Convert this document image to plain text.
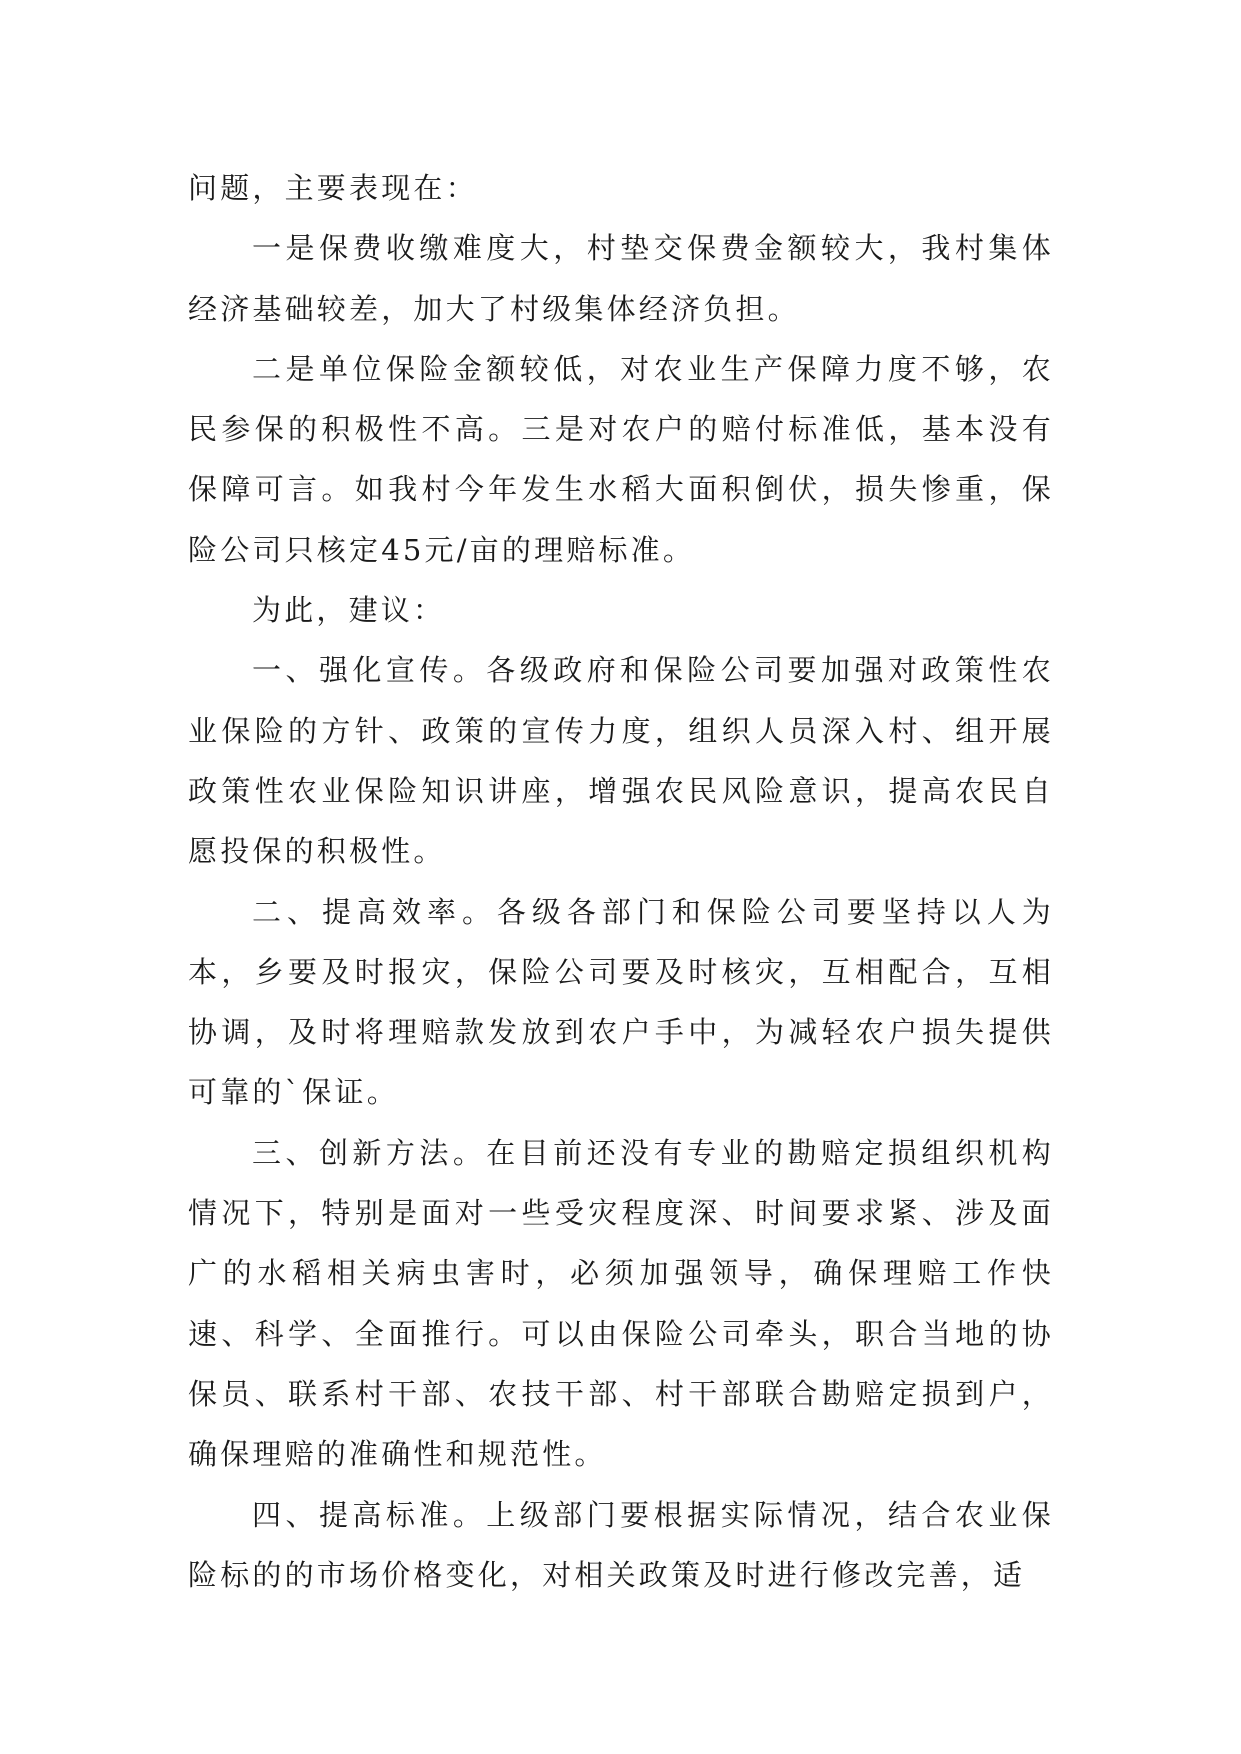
问题，主要表现在：

一是保费收缴难度大，村垫交保费金额较大，我村集体经济基础较差，加大了村级集体经济负担。

二是单位保险金额较低，对农业生产保障力度不够，农民参保的积极性不高。三是对农户的赔付标准低，基本没有保障可言。如我村今年发生水稻大面积倒伏，损失惨重，保险公司只核定45元/亩的理赔标准。

为此，建议：

一、强化宣传。各级政府和保险公司要加强对政策性农业保险的方针、政策的宣传力度，组织人员深入村、组开展政策性农业保险知识讲座，增强农民风险意识，提高农民自愿投保的积极性。

二、提高效率。各级各部门和保险公司要坚持以人为本，乡要及时报灾，保险公司要及时核灾，互相配合，互相协调，及时将理赔款发放到农户手中，为减轻农户损失提供可靠的`保证。

三、创新方法。在目前还没有专业的勘赔定损组织机构情况下，特别是面对一些受灾程度深、时间要求紧、涉及面广的水稻相关病虫害时，必须加强领导，确保理赔工作快速、科学、全面推行。可以由保险公司牵头，职合当地的协保员、联系村干部、农技干部、村干部联合勘赔定损到户，确保理赔的准确性和规范性。

四、提高标准。上级部门要根据实际情况，结合农业保险标的的市场价格变化，对相关政策及时进行修改完善，适
